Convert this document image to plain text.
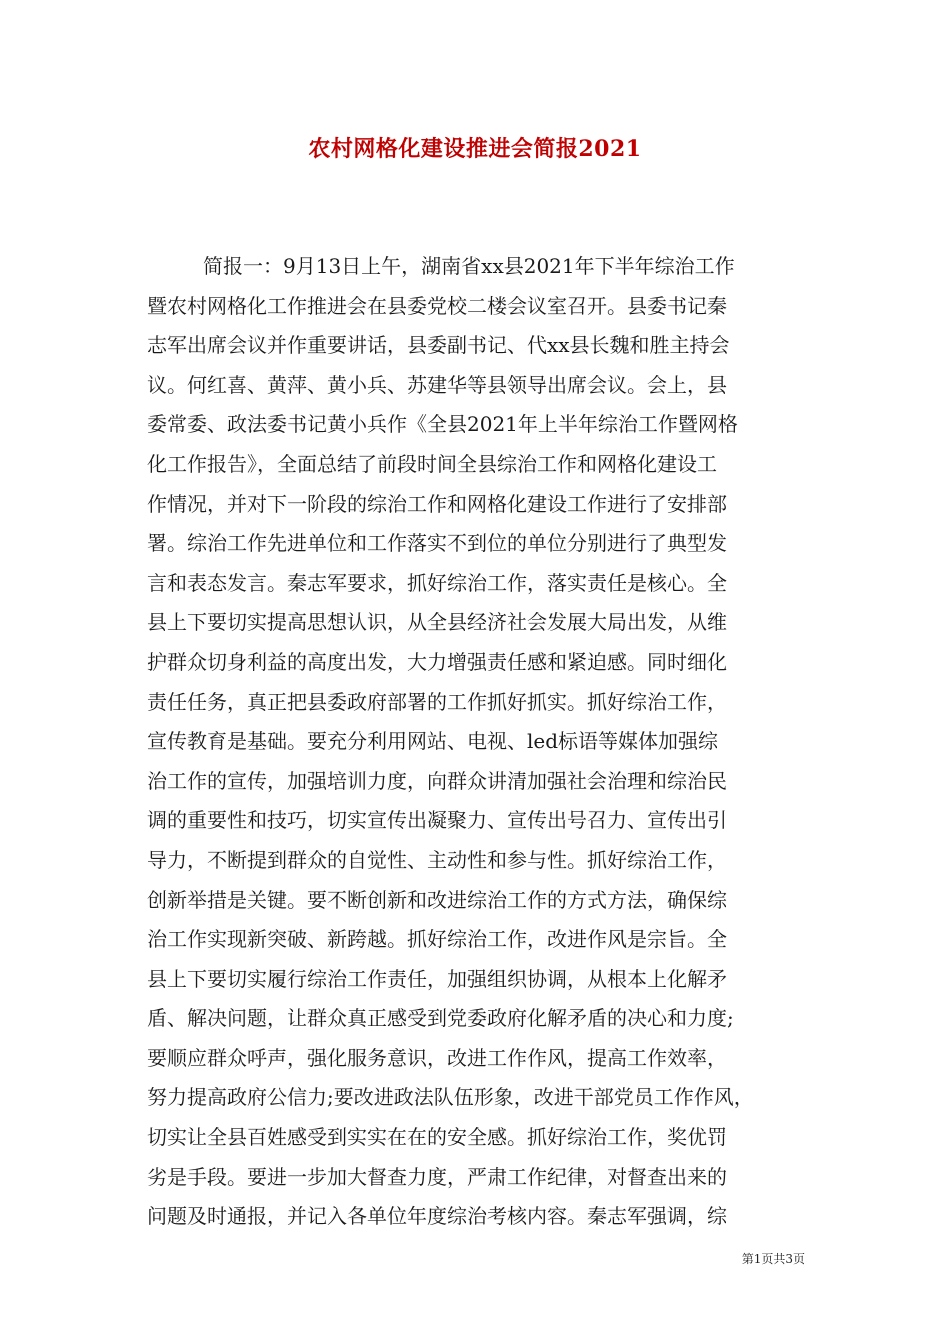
农村网格化建设推进会简报2021
简报一：9月13日上午，湖南省xx县2021年下半年综治工作
暨农村网格化工作推进会在县委党校二楼会议室召开。县委书记秦
志军出席会议并作重要讲话，县委副书记、代xx县长魏和胜主持会
议。何红喜、黄萍、黄小兵、苏建华等县领导出席会议。会上，县
委常委、政法委书记黄小兵作《全县2021年上半年综治工作暨网格
化工作报告》，全面总结了前段时间全县综治工作和网格化建设工
作情况，并对下一阶段的综治工作和网格化建设工作进行了安排部
署。综治工作先进单位和工作落实不到位的单位分别进行了典型发
言和表态发言。秦志军要求，抓好综治工作，落实责任是核心。全
县上下要切实提高思想认识，从全县经济社会发展大局出发，从维
护群众切身利益的高度出发，大力增强责任感和紧迫感。同时细化
责任任务，真正把县委政府部署的工作抓好抓实。抓好综治工作，
宣传教育是基础。要充分利用网站、电视、led标语等媒体加强综
治工作的宣传，加强培训力度，向群众讲清加强社会治理和综治民
调的重要性和技巧，切实宣传出凝聚力、宣传出号召力、宣传出引
导力，不断提到群众的自觉性、主动性和参与性。抓好综治工作，
创新举措是关键。要不断创新和改进综治工作的方式方法，确保综
治工作实现新突破、新跨越。抓好综治工作，改进作风是宗旨。全
县上下要切实履行综治工作责任，加强组织协调，从根本上化解矛
盾、解决问题，让群众真正感受到党委政府化解矛盾的决心和力度;
要顺应群众呼声，强化服务意识，改进工作作风，提高工作效率，
努力提高政府公信力;要改进政法队伍形象，改进干部党员工作作风，
切实让全县百姓感受到实实在在的安全感。抓好综治工作，奖优罚
劣是手段。要进一步加大督查力度，严肃工作纪律，对督查出来的
问题及时通报，并记入各单位年度综治考核内容。秦志军强调，综
第1页共3页
